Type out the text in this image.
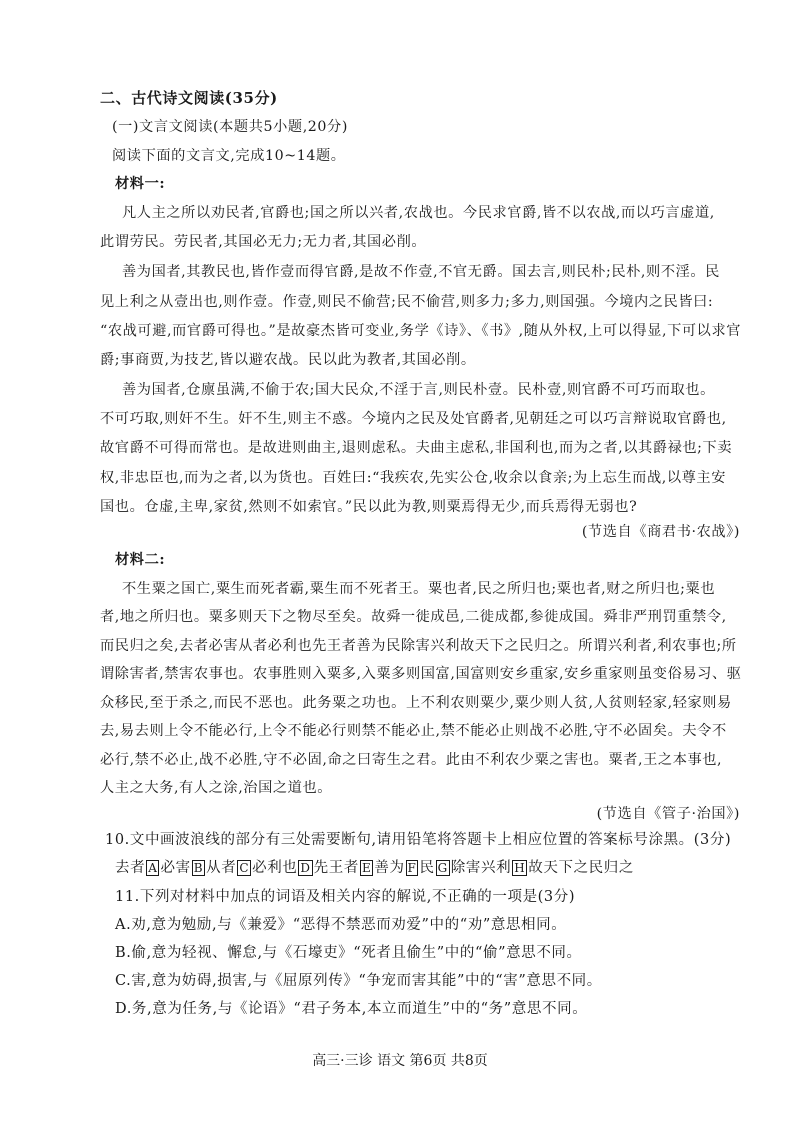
二、古代诗文阅读(35分)
(一)文言文阅读(本题共5小题,20分)
阅读下面的文言文,完成10~14题。
材料一:
凡人主之所以劝民者,官爵也;国之所以兴者,农战也。今民求官爵,皆不以农战,而以巧言虚道,
此谓劳民。劳民者,其国必无力;无力者,其国必削。
善为国者,其教民也,皆作壹而得官爵,是故不作壹,不官无爵。国去言,则民朴;民朴,则不淫。民
见上利之从壹出也,则作壹。作壹,则民不偷营;民不偷营,则多力;多力,则国强。今境内之民皆曰:
“农战可避,而官爵可得也。”是故豪杰皆可变业,务学《诗》、《书》,随从外权,上可以得显,下可以求官
爵;事商贾,为技艺,皆以避农战。民以此为教者,其国必削。
善为国者,仓廪虽满,不偷于农;国大民众,不淫于言,则民朴壹。民朴壹,则官爵不可巧而取也。
不可巧取,则奸不生。奸不生,则主不惑。今境内之民及处官爵者,见朝廷之可以巧言辩说取官爵也,
故官爵不可得而常也。是故进则曲主,退则虑私。夫曲主虑私,非国利也,而为之者,以其爵禄也;下卖
权,非忠臣也,而为之者,以为货也。百姓曰:“我疾农,先实公仓,收余以食亲;为上忘生而战,以尊主安
国也。仓虚,主卑,家贫,然则不如索官。”民以此为教,则粟焉得无少,而兵焉得无弱也?
(节选自《商君书·农战》)
材料二:
不生粟之国亡,粟生而死者霸,粟生而不死者王。粟也者,民之所归也;粟也者,财之所归也;粟也
者,地之所归也。粟多则天下之物尽至矣。故舜一徙成邑,二徙成都,参徙成国。舜非严刑罚重禁令,
而民归之矣,去者必害从者必利也先王者善为民除害兴利故天下之民归之。所谓兴利者,利农事也;所
谓除害者,禁害农事也。农事胜则入粟多,入粟多则国富,国富则安乡重家,安乡重家则虽变俗易习、驱
众移民,至于杀之,而民不恶也。此务粟之功也。上不利农则粟少,粟少则人贫,人贫则轻家,轻家则易
去,易去则上令不能必行,上令不能必行则禁不能必止,禁不能必止则战不必胜,守不必固矣。夫令不
必行,禁不必止,战不必胜,守不必固,命之曰寄生之君。此由不利农少粟之害也。粟者,王之本事也,
人主之大务,有人之涂,治国之道也。
(节选自《管子·治国》)
10.文中画波浪线的部分有三处需要断句,请用铅笔将答题卡上相应位置的答案标号涂黑。(3分)
去者 A 必害 B 从者 C 必利也 D 先王者 E 善为 F 民 G 除害兴利 H 故天下之民归之
11.下列对材料中加点的词语及相关内容的解说,不正确的一项是(3分)
A.劝,意为勉励,与《兼爱》“恶得不禁恶而劝爱”中的“劝”意思相同。
B.偷,意为轻视、懈怠,与《石壕吏》“死者且偷生”中的“偷”意思不同。
C.害,意为妨碍,损害,与《屈原列传》“争宠而害其能”中的“害”意思不同。
D.务,意为任务,与《论语》“君子务本,本立而道生”中的“务”意思不同。
高三·三诊 语文 第6页 共8页
